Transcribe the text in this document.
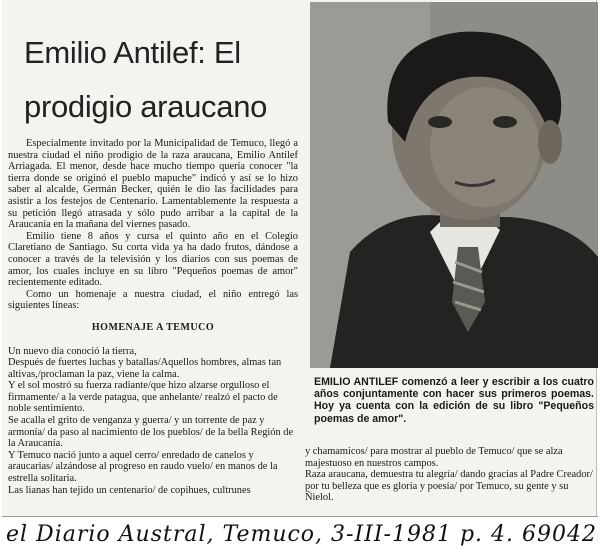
Emilio Antilef: El
prodigio araucano

Especialmente invitado por la Municipalidad de Temuco, llegó a nuestra ciudad el niño prodigio de la raza araucana, Emilio Antilef Arriagada. El menor, desde hace mucho tiempo quería conocer "la tierra donde se originó el pueblo mapuche" indicó y así se lo hizo saber al alcalde, Germán Becker, quién le dio las facilidades para asistir a los festejos de Centenario. Lamentablemente la respuesta a su petición llegó atrasada y sólo pudo arribar a la capital de la Araucanía en la mañana del viernes pasado.

Emilio tiene 8 años y cursa el quinto año en el Colegio Claretiano de Santiago. Su corta vida ya ha dado frutos, dándose a conocer a través de la televisión y los diarios con sus poemas de amor, los cuales incluye en su libro "Pequeños poemas de amor" recientemente editado.

Como un homenaje a nuestra ciudad, el niño entregó las siguientes líneas:

HOMENAJE A TEMUCO

Un nuevo día conoció la tierra,

Después de fuertes luchas y batallas/Aquellos hombres, almas tan altivas,/proclaman la paz, viene la calma.

Y el sol mostró su fuerza radiante/que hizo alzarse orgulloso el firmamente/ a la verde patagua, que anhelante/ realzó el pacto de noble sentimiento.

Se acalla el grito de venganza y guerra/ y un torrente de paz y armonía/ da paso al nacimiento de los pueblos/ de la bella Región de la Araucanía.

Y Temuco nació junto a aquel cerro/ enredado de canelos y araucarias/ alzándose al progreso en raudo vuelo/ en manos de la estrella solitaria.

Las lianas han tejido un centenario/ de copihues, cultrunes

EMILIO ANTILEF comenzó a leer y escribir a los cuatro años conjuntamente con hacer sus primeros poemas. Hoy ya cuenta con la edición de su libro "Pequeños poemas de amor".

y chamamicos/ para mostrar al pueblo de Temuco/ que se alza majestuoso en nuestros campos.

Raza araucana, demuestra tu alegría/ dando gracias al Padre Creador/ por tu belleza que es gloria y poesía/ por Temuco, su gente y su Ñielol.

el Diario Austral, Temuco, 3-III-1981 p. 4. 69042
